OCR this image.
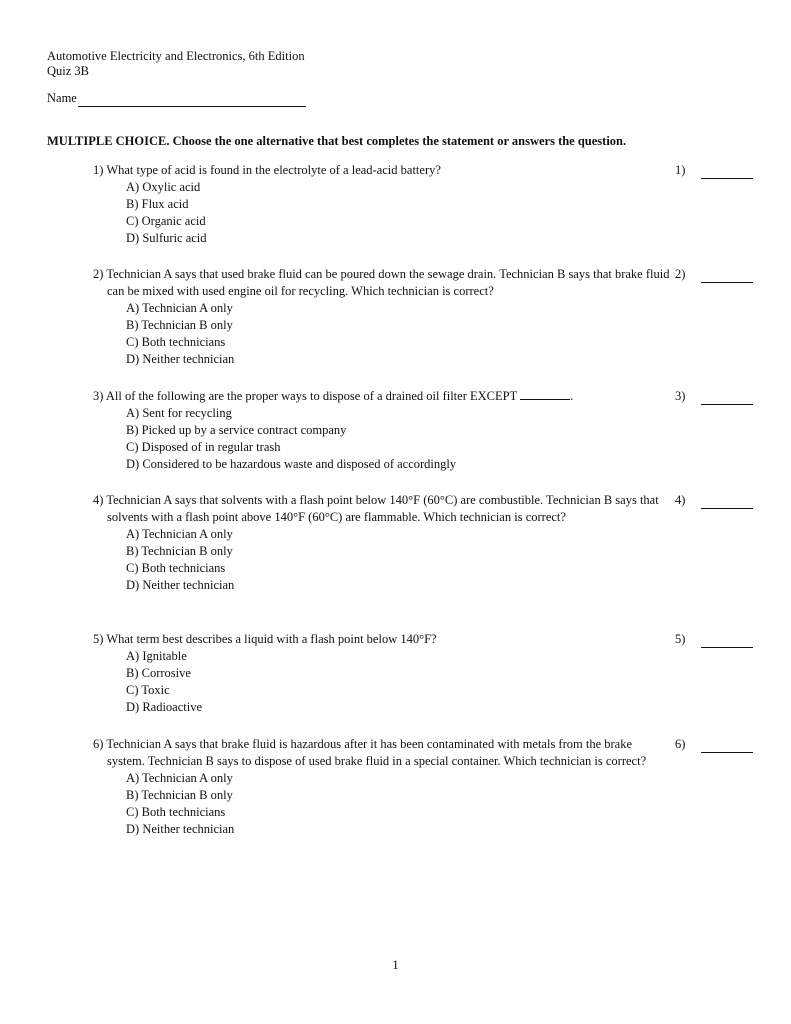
Automotive Electricity and Electronics, 6th Edition
Quiz 3B
Name
MULTIPLE CHOICE. Choose the one alternative that best completes the statement or answers the question.
1) What type of acid is found in the electrolyte of a lead-acid battery?	1)
A) Oxylic acid
B) Flux acid
C) Organic acid
D) Sulfuric acid
2) Technician A says that used brake fluid can be poured down the sewage drain. Technician B says that brake fluid can be mixed with used engine oil for recycling. Which technician is correct?
2)
A) Technician A only
B) Technician B only
C) Both technicians
D) Neither technician
3) All of the following are the proper ways to dispose of a drained oil filter EXCEPT	.	3)
A) Sent for recycling
B) Picked up by a service contract company
C) Disposed of in regular trash
D) Considered to be hazardous waste and disposed of accordingly
4) Technician A says that solvents with a flash point below 140°F (60°C) are combustible. Technician B says that solvents with a flash point above 140°F (60°C) are flammable. Which technician is correct?
4)
A) Technician A only
B) Technician B only
C) Both technicians
D) Neither technician
5) What term best describes a liquid with a flash point below 140°F?	5)
A) Ignitable
B) Corrosive
C) Toxic
D) Radioactive
6) Technician A says that brake fluid is hazardous after it has been contaminated with metals from the brake system. Technician B says to dispose of used brake fluid in a special container. Which technician is correct?
6)
A) Technician A only
B) Technician B only
C) Both technicians
D) Neither technician
1
